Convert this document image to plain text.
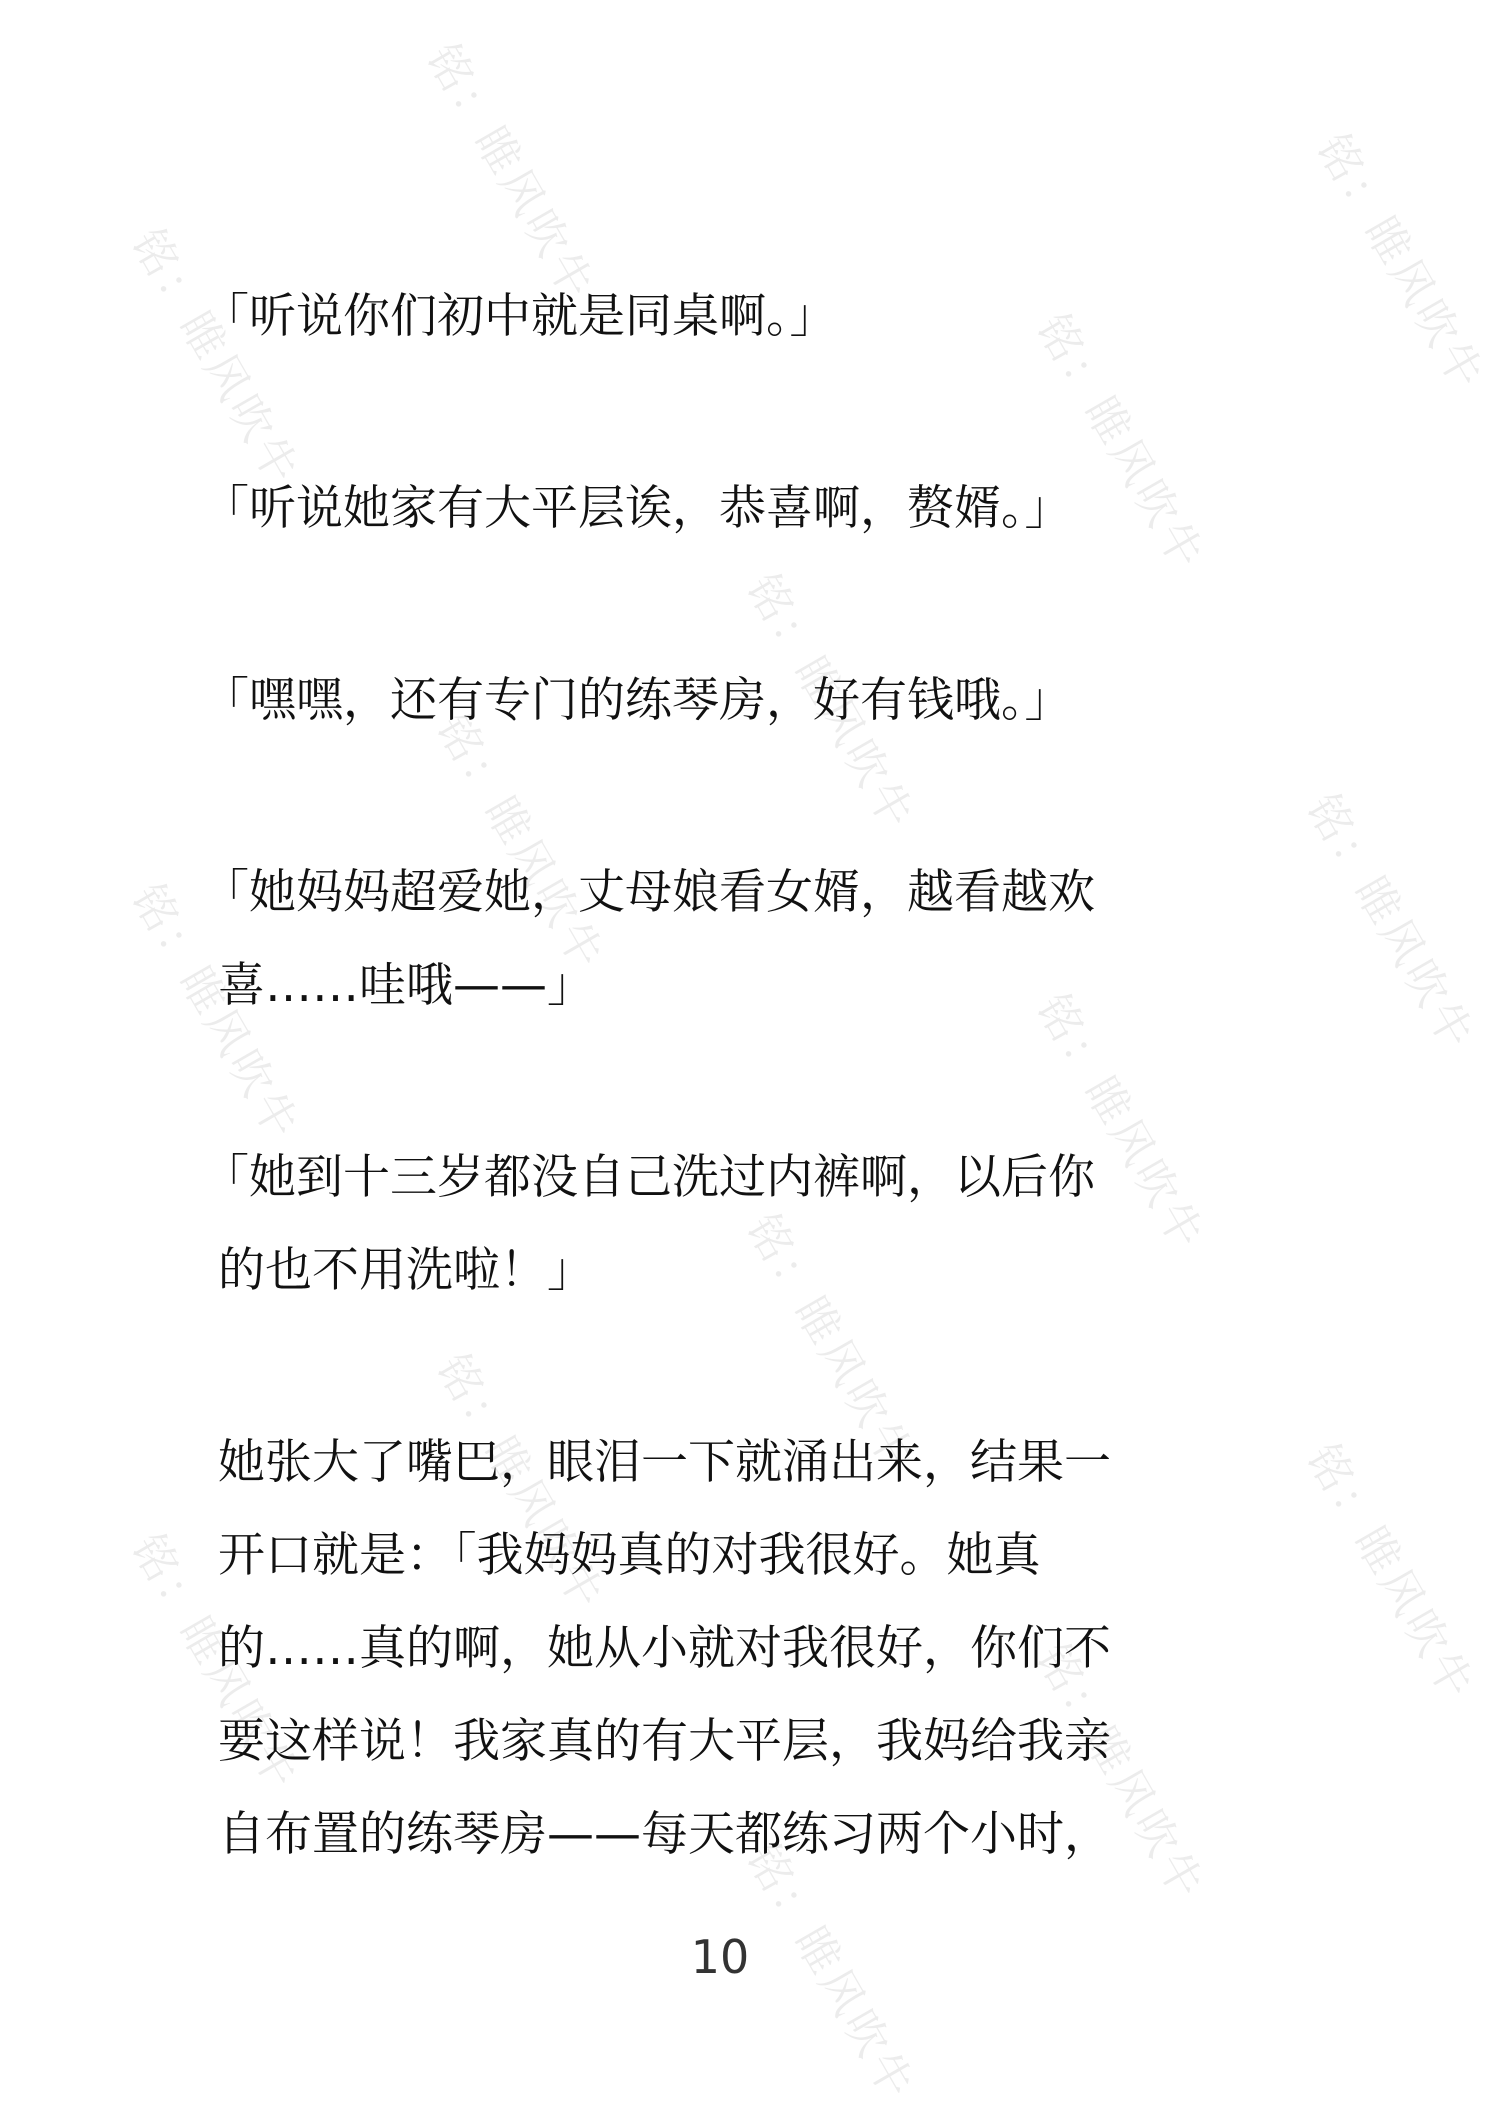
铭：睢风吹牛
铭：睢风吹牛	铭：睢风吹牛
铭：睢风吹牛
铭：睢风吹牛
铭：睢风吹牛	铭：睢风吹牛
铭：睢风吹牛	铭：睢风吹牛
铭：睢风吹牛
铭：睢风吹牛	铭：睢风吹牛
铭：睢风吹牛	铭：睢风吹牛
铭：睢风吹牛

「听说你们初中就是同桌啊。」

「听说她家有大平层诶，恭喜啊，赘婿。」

「嘿嘿，还有专门的练琴房，好有钱哦。」

「她妈妈超爱她，丈母娘看女婿，越看越欢
喜……哇哦——」

「她到十三岁都没自己洗过内裤啊，以后你
的也不用洗啦！」

她张大了嘴巴，眼泪一下就涌出来，结果一
开口就是：「我妈妈真的对我很好。她真
的……真的啊，她从小就对我很好，你们不
要这样说！我家真的有大平层，我妈给我亲
自布置的练琴房——每天都练习两个小时，

10
